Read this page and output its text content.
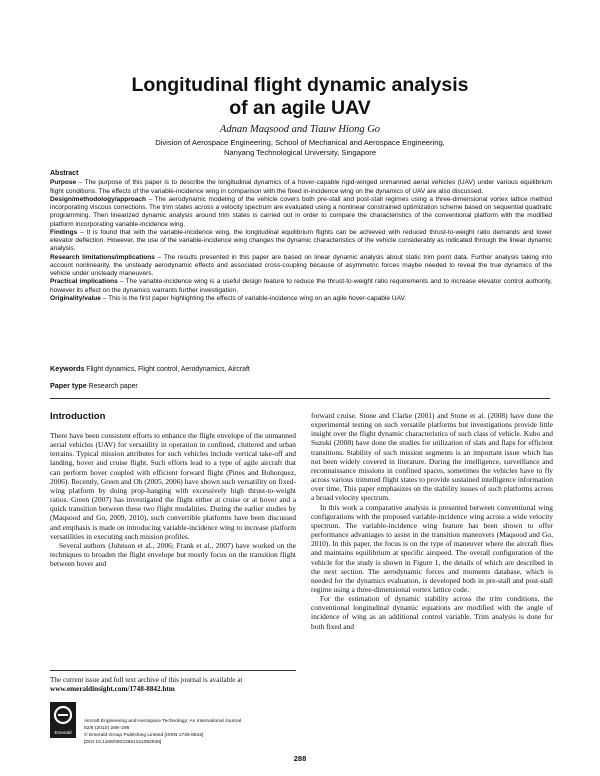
Longitudinal flight dynamic analysis
of an agile UAV
Adnan Maqsood and Tiauw Hiong Go
Division of Aerospace Engineering, School of Mechanical and Aerospace Engineering,
Nanyang Technological University, Singapore
Abstract

Purpose – The purpose of this paper is to describe the longitudinal dynamics of a hover-capable rigid-winged unmanned aerial vehicles (UAV) under various equilibrium flight conditions. The effects of the variable-incidence wing in comparison with the fixed in-incidence wing on the dynamics of UAV are also discussed.

Design/methodology/approach – The aerodynamic modeling of the vehicle covers both pre-stall and post-stall regimes using a three-dimensional vortex lattice method incorporating viscous corrections. The trim states across a velocity spectrum are evaluated using a nonlinear constrained optimization scheme based on sequential quadratic programming. Then linearized dynamic analysis around trim states is carried out in order to compare the characteristics of the conventional platform with the modified platform incorporating variable-incidence wing.

Findings – It is found that with the variable-incidence wing, the longitudinal equilibrium flights can be achieved with reduced thrust-to-weight ratio demands and lower elevator deflection. However, the use of the variable-incidence wing changes the dynamic characteristics of the vehicle considerably as indicated through the linear dynamic analysis.

Research limitations/implications – The results presented in this paper are based on linear dynamic analysis about static trim point data. Further analysis taking into account nonlinearity, the unsteady aerodynamic effects and associated cross-coupling because of asymmetric forces maybe needed to reveal the true dynamics of the vehicle under unsteady maneuvers.

Practical implications – The variable-incidence wing is a useful design feature to reduce the thrust-to-weight ratio requirements and to increase elevator control authority, however its effect on the dynamics warrants further investigation.

Originality/value – This is the first paper highlighting the effects of variable-incidence wing on an agile hover-capable UAV.

Keywords Flight dynamics, Flight control, Aerodynamics, Aircraft
Paper type Research paper
Introduction

There have been consistent efforts to enhance the flight envelope of the unmanned aerial vehicles (UAV) for versatility in operation in confined, cluttered and urban terrains. Typical mission attributes for such vehicles include vertical take-off and landing, hover and cruise flight. Such efforts lead to a type of agile aircraft that can perform hover coupled with efficient forward flight (Pines and Bohorquez, 2006). Recently, Green and Oh (2005, 2006) have shown such versatility on fixed-wing platform by doing prop-hanging with excessively high thrust-to-weight ratios. Green (2007) has investigated the flight either at cruise or at hover and a quick transition between these two flight modalities. During the earlier studies by (Maqsood and Go, 2009, 2010), such convertible platforms have been discussed and emphasis is made on introducing variable-incidence wing to increase platform versatilities in executing such mission profiles.

Several authors (Johnson et al., 2006; Frank et al., 2007) have worked on the techniques to broaden the flight envelope but mostly focus on the transition flight between hover and

forward cruise. Stone and Clarke (2001) and Stone et al. (2008) have done the experimental testing on such versatile platforms but investigations provide little insight over the flight dynamic characteristics of such class of vehicle. Kubo and Suzuki (2008) have done the studies for utilization of slats and flaps for efficient transitions. Stability of such mission segments is an important issue which has not been widely covered in literature. During the intelligence, surveillance and reconnaissance missions in confined spaces, sometimes the vehicles have to fly across various trimmed flight states to provide sustained intelligence information over time. This paper emphasizes on the stability issues of such platforms across a broad velocity spectrum.

In this work a comparative analysis is presented between conventional wing configurations with the proposed variable-incidence wing across a wide velocity spectrum. The variable-incidence wing feature has been shown to offer performance advantages to assist in the transition maneuvers (Maqsood and Go, 2010). In this paper, the focus is on the type of maneuver where the aircraft flies and maintains equilibrium at specific airspeed. The overall configuration of the vehicle for the study is shown in Figure 1, the details of which are described in the next section. The aerodynamic forces and moments database, which is needed for the dynamics evaluation, is developed both in pre-stall and post-stall regime using a three-dimensional vortex lattice code.

For the estimation of dynamic stability across the trim conditions, the conventional longitudinal dynamic equations are modified with the angle of incidence of wing as an additional control variable. Trim analysis is done for both fixed and

The current issue and full text archive of this journal is available at
www.emeraldinsight.com/1748-8842.htm
Emerald
Aircraft Engineering and Aerospace Technology: An International Journal
82/5 (2010) 288–295
© Emerald Group Publishing Limited [ISSN 1748-8842]
[DOI 10.1108/00022661011092938]
288
